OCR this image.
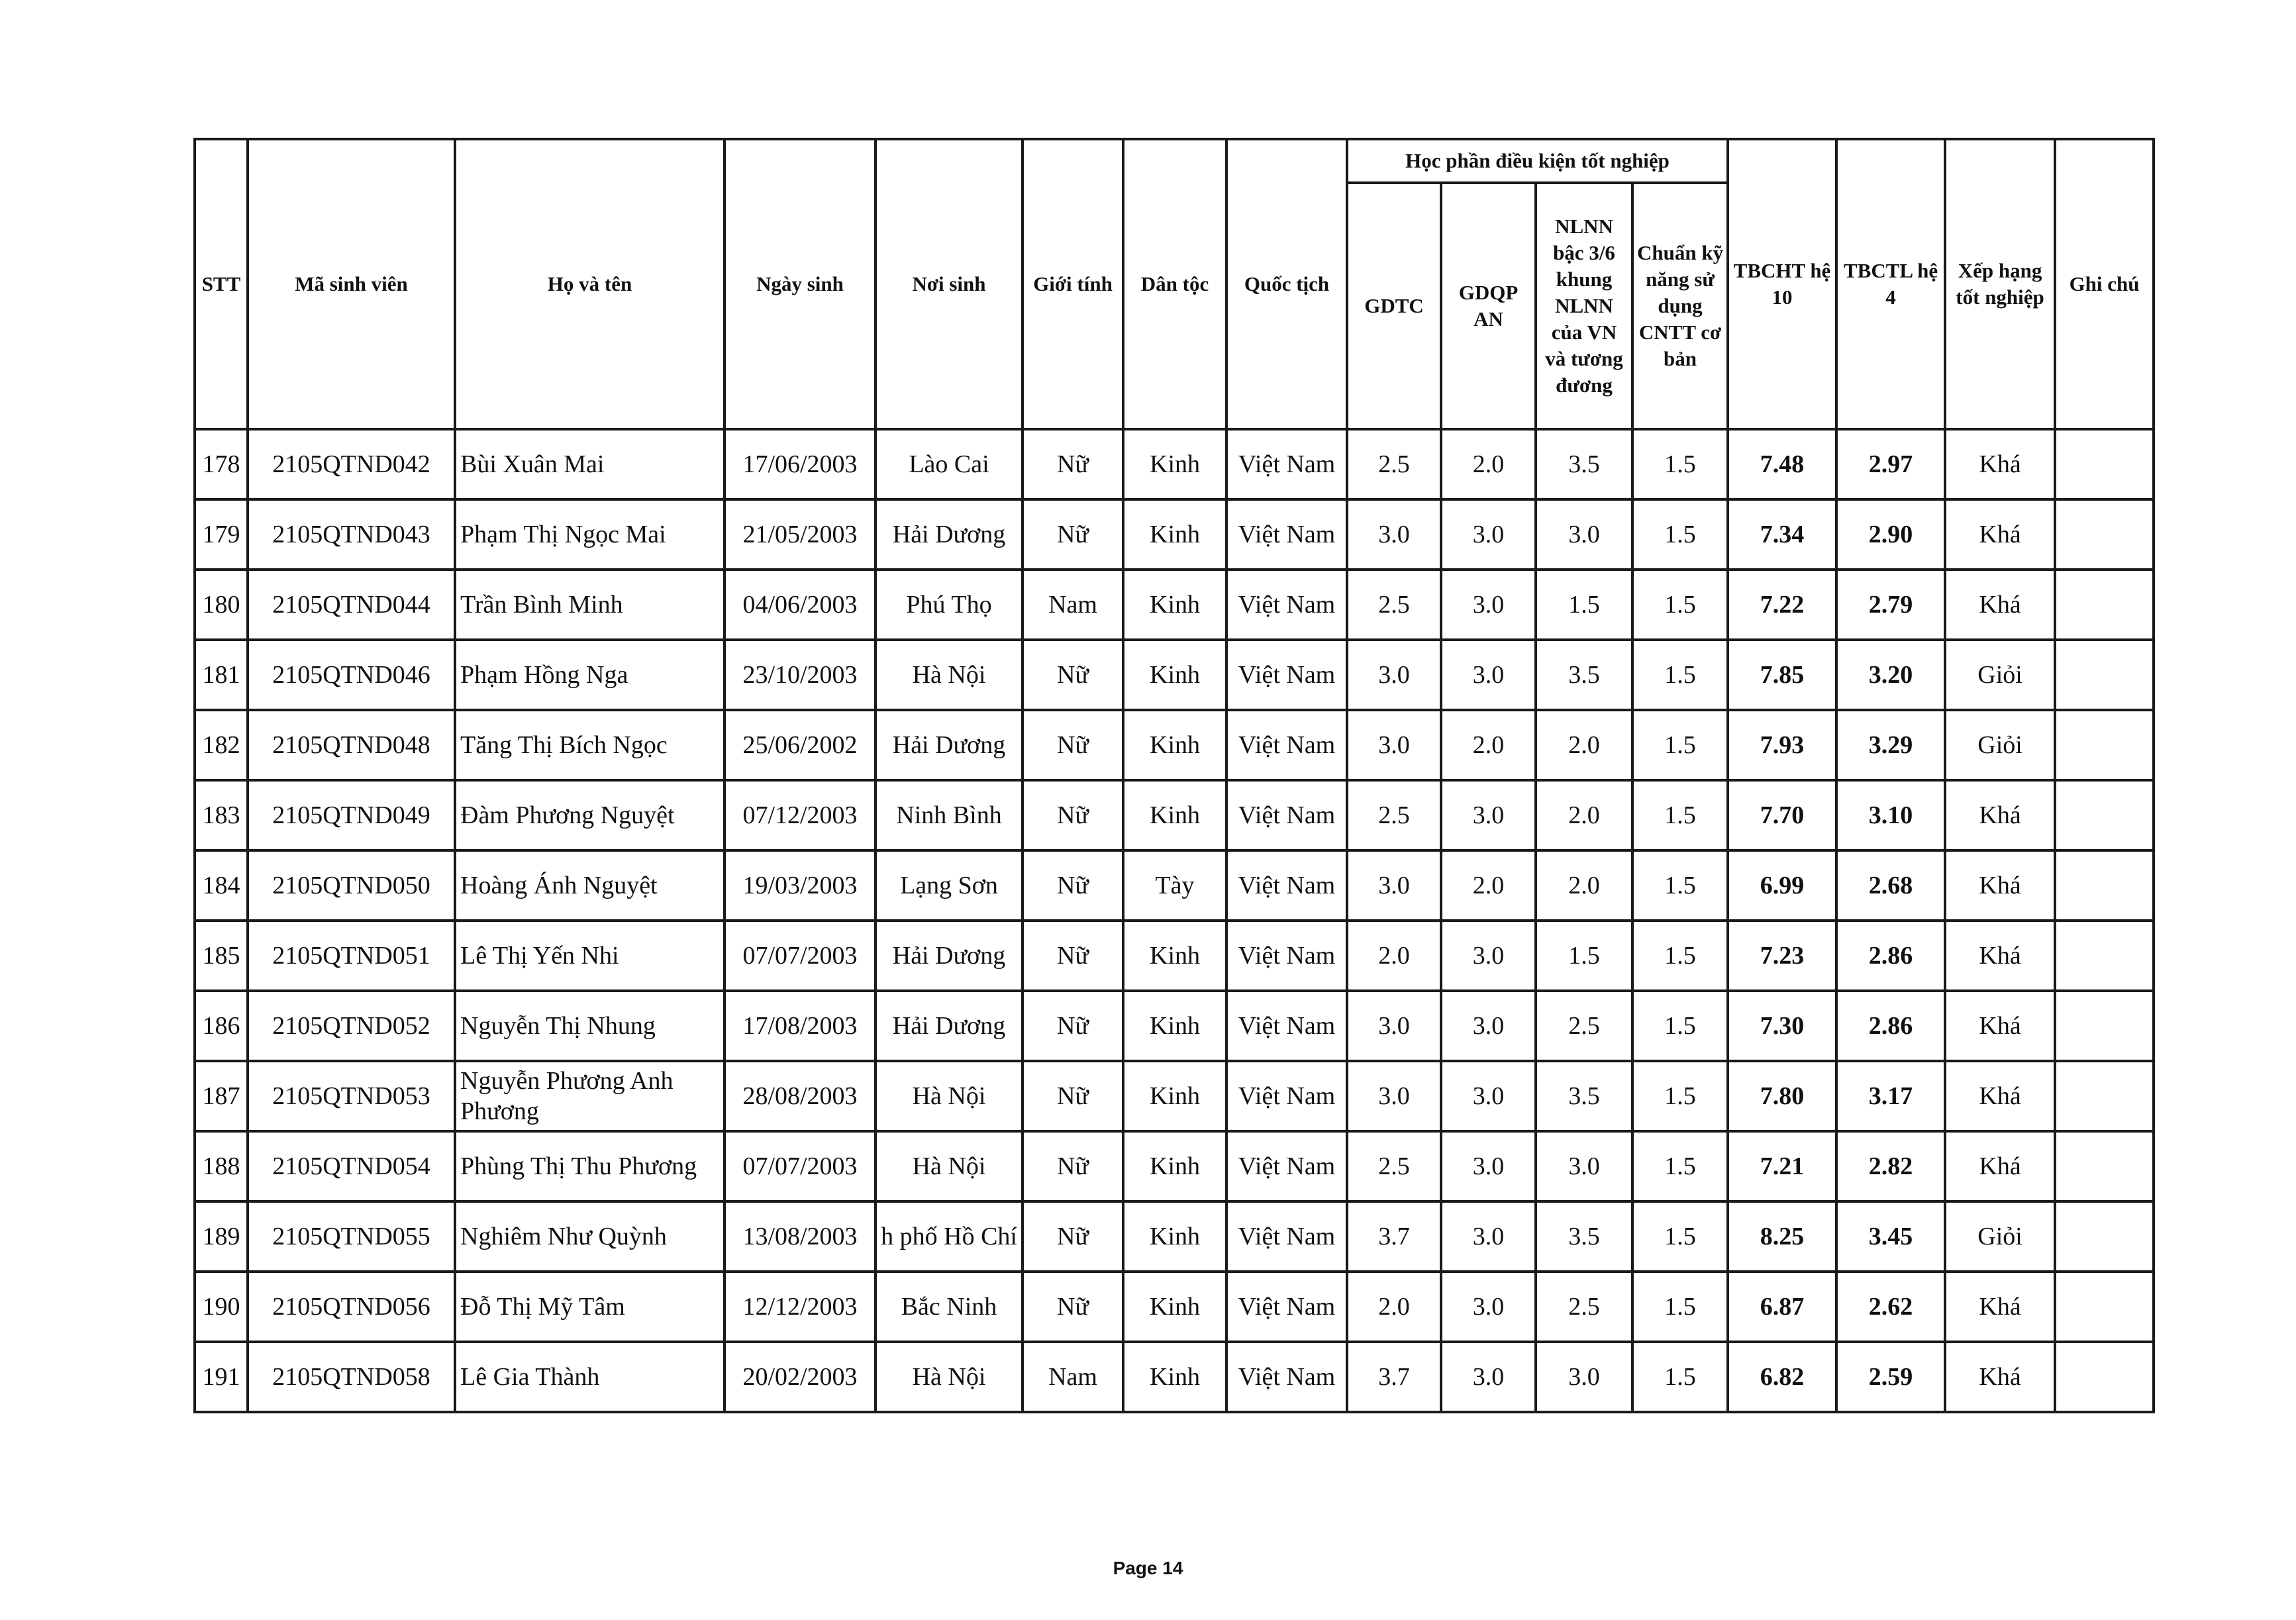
STT	Mã sinh viên	Họ và tên	Ngày sinh	Nơi sinh	Giới tính	Dân tộc	Quốc tịch	Học phần điều kiện tốt nghiệp				TBCHT hệ 10	TBCTL hệ 4	Xếp hạng tốt nghiệp	Ghi chú
								GDTC	GDQP AN	NLNN bậc 3/6 khung NLNN của VN và tương đương	Chuẩn kỹ năng sử dụng CNTT cơ bản				
178	2105QTND042	Bùi Xuân Mai	17/06/2003	Lào Cai	Nữ	Kinh	Việt Nam	2.5	2.0	3.5	1.5	7.48	2.97	Khá	
179	2105QTND043	Phạm Thị Ngọc Mai	21/05/2003	Hải Dương	Nữ	Kinh	Việt Nam	3.0	3.0	3.0	1.5	7.34	2.90	Khá	
180	2105QTND044	Trần Bình Minh	04/06/2003	Phú Thọ	Nam	Kinh	Việt Nam	2.5	3.0	1.5	1.5	7.22	2.79	Khá	
181	2105QTND046	Phạm Hồng Nga	23/10/2003	Hà Nội	Nữ	Kinh	Việt Nam	3.0	3.0	3.5	1.5	7.85	3.20	Giỏi	
182	2105QTND048	Tăng Thị Bích Ngọc	25/06/2002	Hải Dương	Nữ	Kinh	Việt Nam	3.0	2.0	2.0	1.5	7.93	3.29	Giỏi	
183	2105QTND049	Đàm Phương Nguyệt	07/12/2003	Ninh Bình	Nữ	Kinh	Việt Nam	2.5	3.0	2.0	1.5	7.70	3.10	Khá	
184	2105QTND050	Hoàng Ánh Nguyệt	19/03/2003	Lạng Sơn	Nữ	Tày	Việt Nam	3.0	2.0	2.0	1.5	6.99	2.68	Khá	
185	2105QTND051	Lê Thị Yến Nhi	07/07/2003	Hải Dương	Nữ	Kinh	Việt Nam	2.0	3.0	1.5	1.5	7.23	2.86	Khá	
186	2105QTND052	Nguyễn Thị Nhung	17/08/2003	Hải Dương	Nữ	Kinh	Việt Nam	3.0	3.0	2.5	1.5	7.30	2.86	Khá	
187	2105QTND053	Nguyễn Phương Anh Phương	28/08/2003	Hà Nội	Nữ	Kinh	Việt Nam	3.0	3.0	3.5	1.5	7.80	3.17	Khá	
188	2105QTND054	Phùng Thị Thu Phương	07/07/2003	Hà Nội	Nữ	Kinh	Việt Nam	2.5	3.0	3.0	1.5	7.21	2.82	Khá	
189	2105QTND055	Nghiêm Như Quỳnh	13/08/2003	h phố Hồ Chí	Nữ	Kinh	Việt Nam	3.7	3.0	3.5	1.5	8.25	3.45	Giỏi	
190	2105QTND056	Đỗ Thị Mỹ Tâm	12/12/2003	Bắc Ninh	Nữ	Kinh	Việt Nam	2.0	3.0	2.5	1.5	6.87	2.62	Khá	
191	2105QTND058	Lê Gia Thành	20/02/2003	Hà Nội	Nam	Kinh	Việt Nam	3.7	3.0	3.0	1.5	6.82	2.59	Khá	
Page 14
